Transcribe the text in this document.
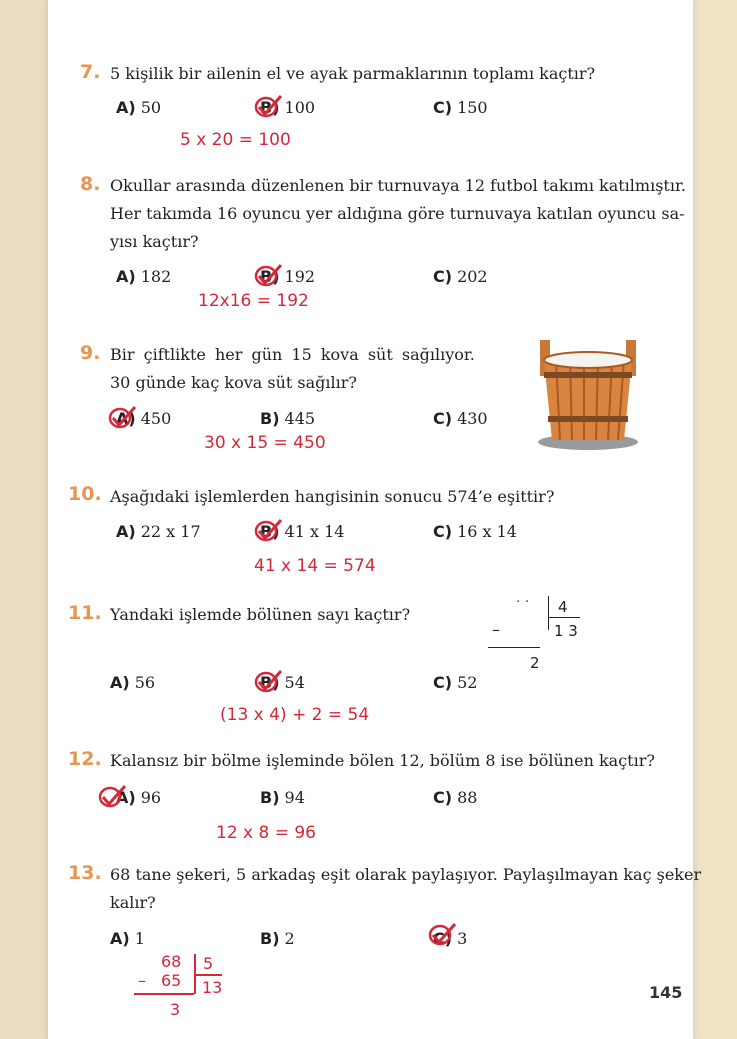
7. 5 kişilik bir ailenin el ve ayak parmaklarının toplamı kaçtır?
A) 50	B) 100	C) 150
5 x 20 = 100
8. Okullar arasında düzenlenen bir turnuvaya 12 futbol takımı katılmıştır.
Her takımda 16 oyuncu yer aldığına göre turnuvaya katılan oyuncu sa-
yısı kaçtır?
A) 182	B) 192	C) 202
12x16 = 192
9. Bir çiftlikte her gün 15 kova süt sağılıyor.
30 günde kaç kova süt sağılır?
A) 450	B) 445	C) 430
30 x 15 = 450
10. Aşağıdaki işlemlerden hangisinin sonucu 574’e eşittir?
A) 22 x 17	B) 41 x 14	C) 16 x 14
41 x 14 = 574
11. Yandaki işlemde bölünen sayı kaçtır?
· · 4
1 3
–
2
A) 56	B) 54	C) 52
(13 x 4) + 2 = 54
12. Kalansız bir bölme işleminde bölen 12, bölüm 8 ise bölünen kaçtır?
A) 96	B) 94	C) 88
12 x 8 = 96
13. 68 tane şekeri, 5 arkadaş eşit olarak paylaşıyor. Paylaşılmayan kaç şeker
kalır?
A) 1	B) 2	C) 3
68
– 65
5
13
3
145
